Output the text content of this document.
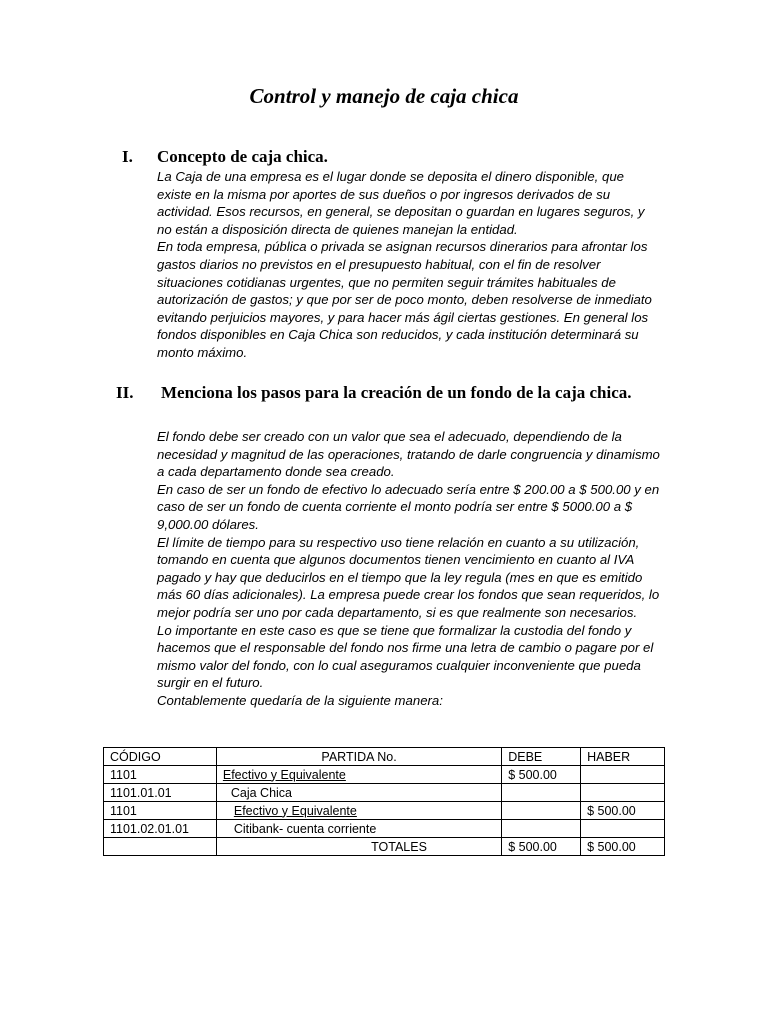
Control y manejo de caja chica
I. Concepto de caja chica.

La Caja de una empresa es el lugar donde se deposita el dinero disponible, que existe en la misma por aportes de sus dueños o por ingresos derivados de su actividad. Esos recursos, en general, se depositan o guardan en lugares seguros, y no están a disposición directa de quienes manejan la entidad.

En toda empresa, pública o privada se asignan recursos dinerarios para afrontar los gastos diarios no previstos en el presupuesto habitual, con el fin de resolver situaciones cotidianas urgentes, que no permiten seguir trámites habituales de autorización de gastos; y que por ser de poco monto, deben resolverse de inmediato evitando perjuicios mayores, y para hacer más ágil ciertas gestiones. En general los fondos disponibles en Caja Chica son reducidos, y cada institución determinará su monto máximo.

II. Menciona los pasos para la creación de un fondo de la caja chica.

El fondo debe ser creado con un valor que sea el adecuado, dependiendo de la necesidad y magnitud de las operaciones, tratando de darle congruencia y dinamismo a cada departamento donde sea creado.

En caso de ser un fondo de efectivo lo adecuado sería entre $ 200.00 a $ 500.00 y en caso de ser un fondo de cuenta corriente el monto podría ser entre $ 5000.00 a $ 9,000.00 dólares.

El límite de tiempo para su respectivo uso tiene relación en cuanto a su utilización, tomando en cuenta que algunos documentos tienen vencimiento en cuanto al IVA pagado y hay que deducirlos en el tiempo que la ley regula (mes en que es emitido más 60 días adicionales). La empresa puede crear los fondos que sean requeridos, lo mejor podría ser uno por cada departamento, si es que realmente son necesarios.

Lo importante en este caso es que se tiene que formalizar la custodia del fondo y hacemos que el responsable del fondo nos firme una letra de cambio o pagare por el mismo valor del fondo, con lo cual aseguramos cualquier inconveniente que pueda surgir en el futuro.

Contablemente quedaría de la siguiente manera:

CÓDIGO	PARTIDA No.	DEBE	HABER
1101	Efectivo y Equivalente	$ 500.00	
1101.01.01	Caja Chica		
1101	Efectivo y Equivalente		$ 500.00
1101.02.01.01	Citibank- cuenta corriente		
	TOTALES	$ 500.00	$ 500.00
